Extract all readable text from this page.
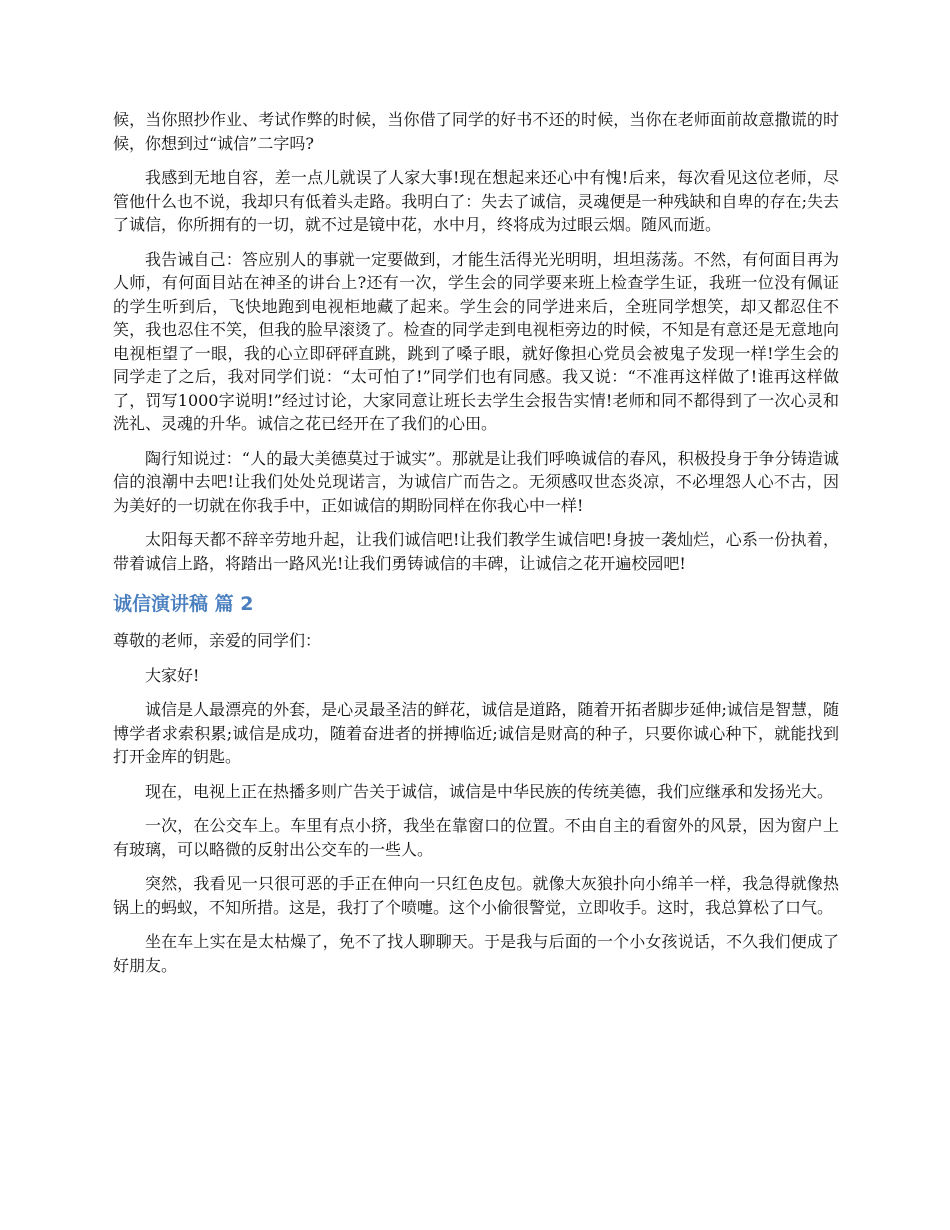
候，当你照抄作业、考试作弊的时候，当你借了同学的好书不还的时候，当你在老师面前故意撒谎的时候，你想到过“诚信”二字吗?

我感到无地自容，差一点儿就误了人家大事!现在想起来还心中有愧!后来，每次看见这位老师，尽管他什么也不说，我却只有低着头走路。我明白了：失去了诚信，灵魂便是一种残缺和自卑的存在;失去了诚信，你所拥有的一切，就不过是镜中花，水中月，终将成为过眼云烟。随风而逝。

我告诫自己：答应别人的事就一定要做到，才能生活得光光明明，坦坦荡荡。不然，有何面目再为人师，有何面目站在神圣的讲台上?还有一次，学生会的同学要来班上检查学生证，我班一位没有佩证的学生听到后，飞快地跑到电视柜地藏了起来。学生会的同学进来后，全班同学想笑，却又都忍住不笑，我也忍住不笑，但我的脸早滚烫了。检查的同学走到电视柜旁边的时候，不知是有意还是无意地向电视柜望了一眼，我的心立即砰砰直跳，跳到了嗓子眼，就好像担心党员会被鬼子发现一样!学生会的同学走了之后，我对同学们说：“太可怕了!”同学们也有同感。我又说：“不准再这样做了!谁再这样做了，罚写1000字说明!”经过讨论，大家同意让班长去学生会报告实情!老师和同不都得到了一次心灵和洗礼、灵魂的升华。诚信之花已经开在了我们的心田。

陶行知说过：“人的最大美德莫过于诚实”。那就是让我们呼唤诚信的春风，积极投身于争分铸造诚信的浪潮中去吧!让我们处处兑现诺言，为诚信广而告之。无须感叹世态炎凉，不必埋怨人心不古，因为美好的一切就在你我手中，正如诚信的期盼同样在你我心中一样!

太阳每天都不辞辛劳地升起，让我们诚信吧!让我们教学生诚信吧!身披一袭灿烂，心系一份执着，带着诚信上路，将踏出一路风光!让我们勇铸诚信的丰碑，让诚信之花开遍校园吧!

诚信演讲稿 篇 2

尊敬的老师，亲爱的同学们：

大家好!

诚信是人最漂亮的外套，是心灵最圣洁的鲜花，诚信是道路，随着开拓者脚步延伸;诚信是智慧，随博学者求索积累;诚信是成功，随着奋进者的拼搏临近;诚信是财高的种子，只要你诚心种下，就能找到打开金库的钥匙。

现在，电视上正在热播多则广告关于诚信，诚信是中华民族的传统美德，我们应继承和发扬光大。

一次，在公交车上。车里有点小挤，我坐在靠窗口的位置。不由自主的看窗外的风景，因为窗户上有玻璃，可以略微的反射出公交车的一些人。

突然，我看见一只很可恶的手正在伸向一只红色皮包。就像大灰狼扑向小绵羊一样，我急得就像热锅上的蚂蚁，不知所措。这是，我打了个喷嚏。这个小偷很警觉，立即收手。这时，我总算松了口气。

坐在车上实在是太枯燥了，免不了找人聊聊天。于是我与后面的一个小女孩说话，不久我们便成了好朋友。
